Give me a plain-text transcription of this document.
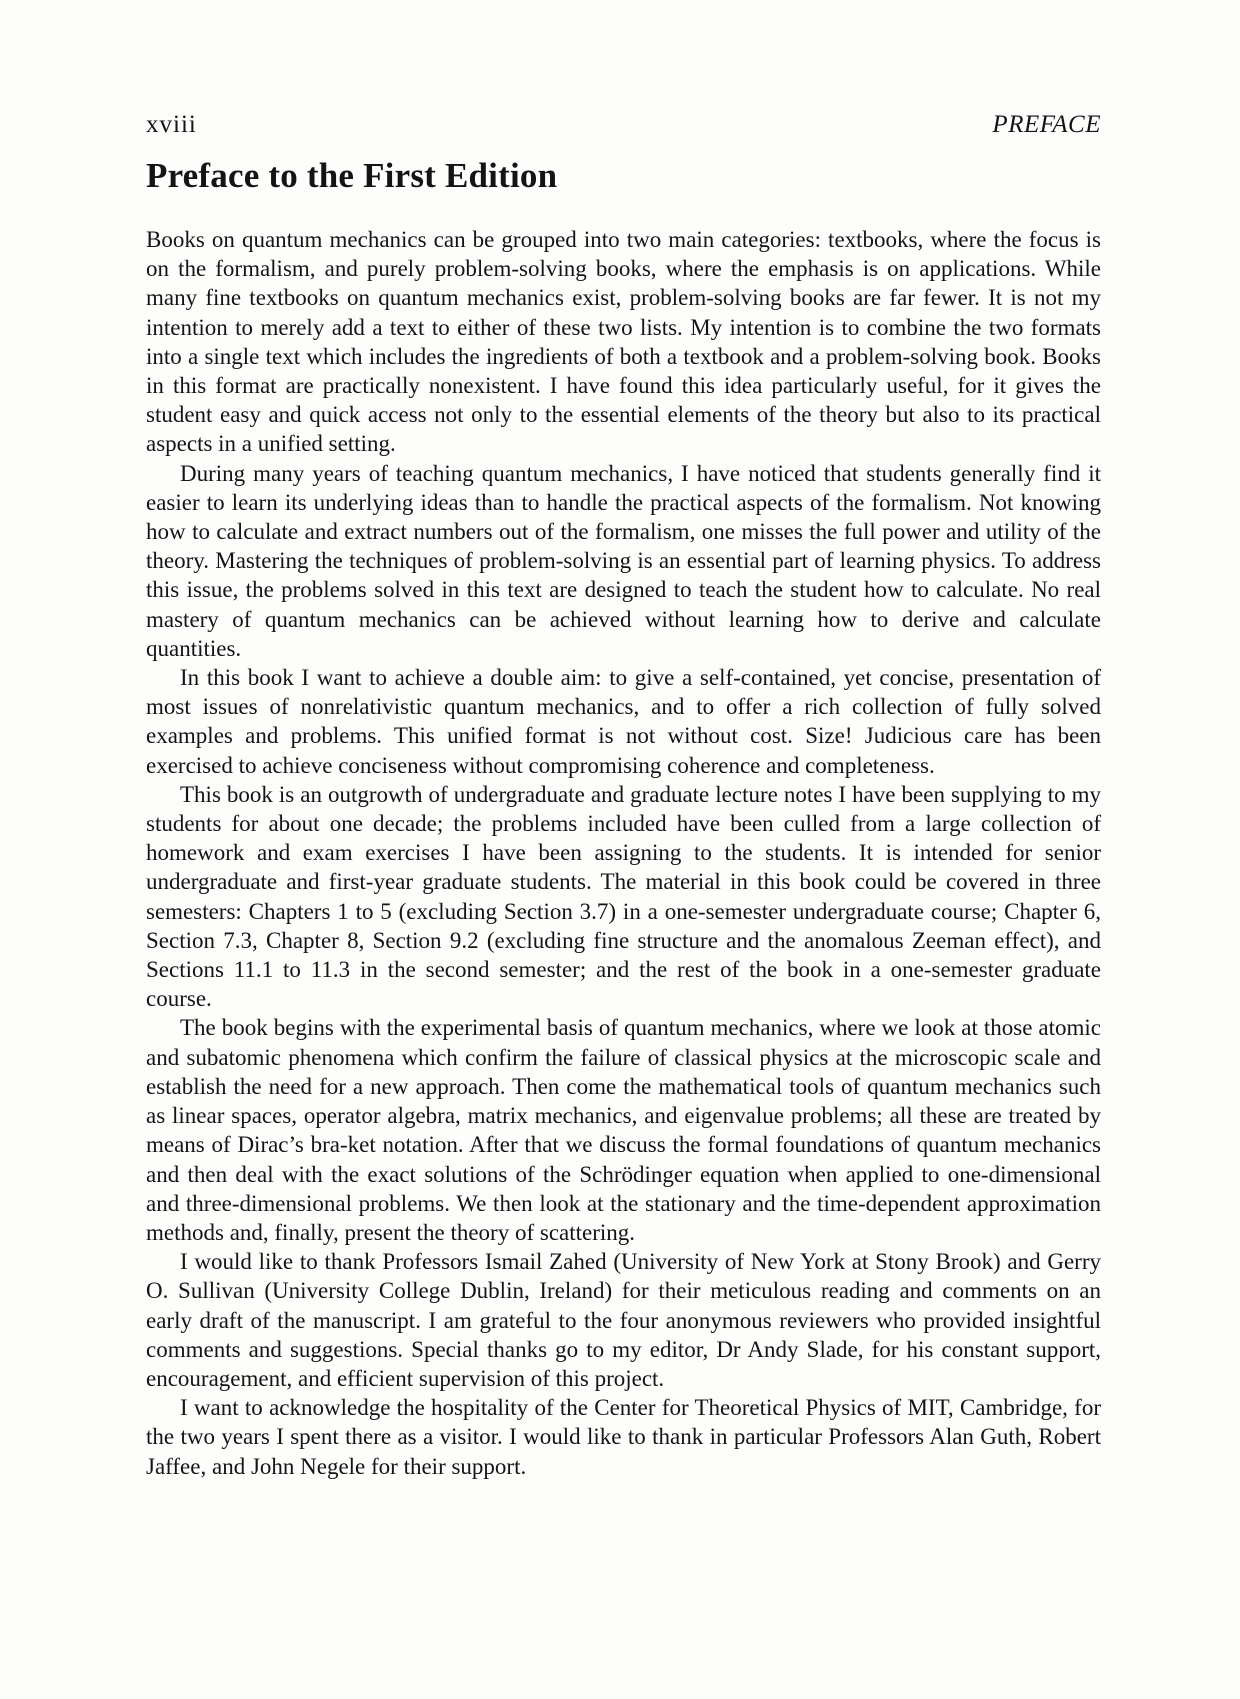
xviii	PREFACE
Preface to the First Edition

Books on quantum mechanics can be grouped into two main categories: textbooks, where the focus is on the formalism, and purely problem-solving books, where the emphasis is on applications. While many fine textbooks on quantum mechanics exist, problem-solving books are far fewer. It is not my intention to merely add a text to either of these two lists. My intention is to combine the two formats into a single text which includes the ingredients of both a textbook and a problem-solving book. Books in this format are practically nonexistent. I have found this idea particularly useful, for it gives the student easy and quick access not only to the essential elements of the theory but also to its practical aspects in a unified setting.

During many years of teaching quantum mechanics, I have noticed that students generally find it easier to learn its underlying ideas than to handle the practical aspects of the formalism. Not knowing how to calculate and extract numbers out of the formalism, one misses the full power and utility of the theory. Mastering the techniques of problem-solving is an essential part of learning physics. To address this issue, the problems solved in this text are designed to teach the student how to calculate. No real mastery of quantum mechanics can be achieved without learning how to derive and calculate quantities.

In this book I want to achieve a double aim: to give a self-contained, yet concise, presentation of most issues of nonrelativistic quantum mechanics, and to offer a rich collection of fully solved examples and problems. This unified format is not without cost. Size! Judicious care has been exercised to achieve conciseness without compromising coherence and completeness.

This book is an outgrowth of undergraduate and graduate lecture notes I have been supplying to my students for about one decade; the problems included have been culled from a large collection of homework and exam exercises I have been assigning to the students. It is intended for senior undergraduate and first-year graduate students. The material in this book could be covered in three semesters: Chapters 1 to 5 (excluding Section 3.7) in a one-semester undergraduate course; Chapter 6, Section 7.3, Chapter 8, Section 9.2 (excluding fine structure and the anomalous Zeeman effect), and Sections 11.1 to 11.3 in the second semester; and the rest of the book in a one-semester graduate course.

The book begins with the experimental basis of quantum mechanics, where we look at those atomic and subatomic phenomena which confirm the failure of classical physics at the microscopic scale and establish the need for a new approach. Then come the mathematical tools of quantum mechanics such as linear spaces, operator algebra, matrix mechanics, and eigenvalue problems; all these are treated by means of Dirac’s bra-ket notation. After that we discuss the formal foundations of quantum mechanics and then deal with the exact solutions of the Schrödinger equation when applied to one-dimensional and three-dimensional problems. We then look at the stationary and the time-dependent approximation methods and, finally, present the theory of scattering.

I would like to thank Professors Ismail Zahed (University of New York at Stony Brook) and Gerry O. Sullivan (University College Dublin, Ireland) for their meticulous reading and comments on an early draft of the manuscript. I am grateful to the four anonymous reviewers who provided insightful comments and suggestions. Special thanks go to my editor, Dr Andy Slade, for his constant support, encouragement, and efficient supervision of this project.

I want to acknowledge the hospitality of the Center for Theoretical Physics of MIT, Cambridge, for the two years I spent there as a visitor. I would like to thank in particular Professors Alan Guth, Robert Jaffee, and John Negele for their support.
